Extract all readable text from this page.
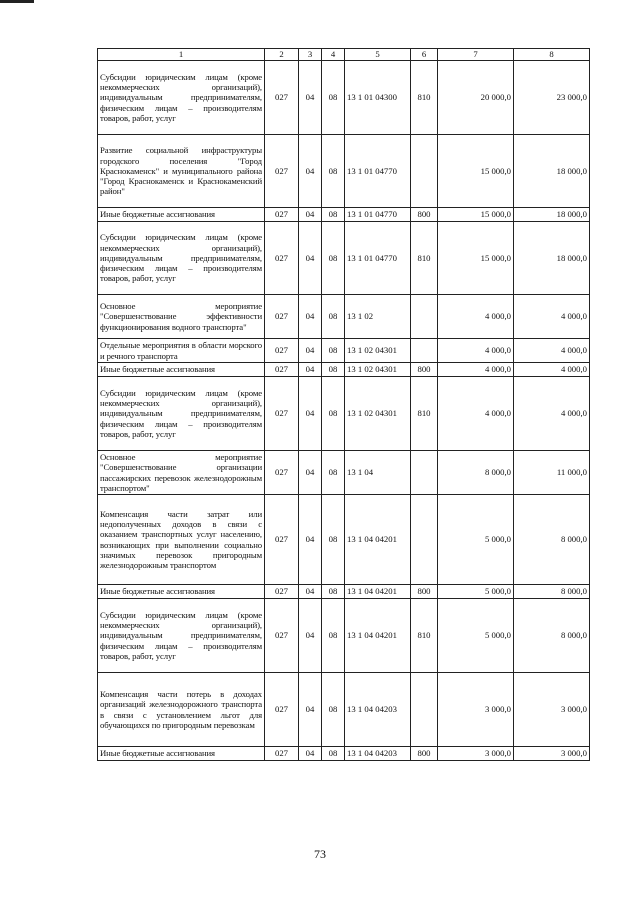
1	2	3	4	5	6	7	8
Субсидии юридическим лицам (кроме некоммерческих организаций), индивидуальным предпринимателям, физическим лицам – производителям товаров, работ, услуг	027	04	08	13 1 01 04300	810	20 000,0	23 000,0
Развитие социальной инфраструктуры городского поселения "Город Краснокаменск" и муниципального района "Город Краснокаменск и Краснокаменский район"	027	04	08	13 1 01 04770		15 000,0	18 000,0
Иные бюджетные ассигнования	027	04	08	13 1 01 04770	800	15 000,0	18 000,0
Субсидии юридическим лицам (кроме некоммерческих организаций), индивидуальным предпринимателям, физическим лицам – производителям товаров, работ, услуг	027	04	08	13 1 01 04770	810	15 000,0	18 000,0
Основное мероприятие "Совершенствование эффективности функционирования водного транспорта"	027	04	08	13 1 02		4 000,0	4 000,0
Отдельные мероприятия в области морского и речного транспорта	027	04	08	13 1 02 04301		4 000,0	4 000,0
Иные бюджетные ассигнования	027	04	08	13 1 02 04301	800	4 000,0	4 000,0
Субсидии юридическим лицам (кроме некоммерческих организаций), индивидуальным предпринимателям, физическим лицам – производителям товаров, работ, услуг	027	04	08	13 1 02 04301	810	4 000,0	4 000,0
Основное мероприятие "Совершенствование организации пассажирских перевозок железнодорожным транспортом"	027	04	08	13 1 04		8 000,0	11 000,0
Компенсация части затрат или недополученных доходов в связи с оказанием транспортных услуг населению, возникающих при выполнении социально значимых перевозок пригородным железнодорожным транспортом	027	04	08	13 1 04 04201		5 000,0	8 000,0
Иные бюджетные ассигнования	027	04	08	13 1 04 04201	800	5 000,0	8 000,0
Субсидии юридическим лицам (кроме некоммерческих организаций), индивидуальным предпринимателям, физическим лицам – производителям товаров, работ, услуг	027	04	08	13 1 04 04201	810	5 000,0	8 000,0
Компенсация части потерь в доходах организаций железнодорожного транспорта в связи с установлением льгот для обучающихся по пригородным перевозкам	027	04	08	13 1 04 04203		3 000,0	3 000,0
Иные бюджетные ассигнования	027	04	08	13 1 04 04203	800	3 000,0	3 000,0
73
